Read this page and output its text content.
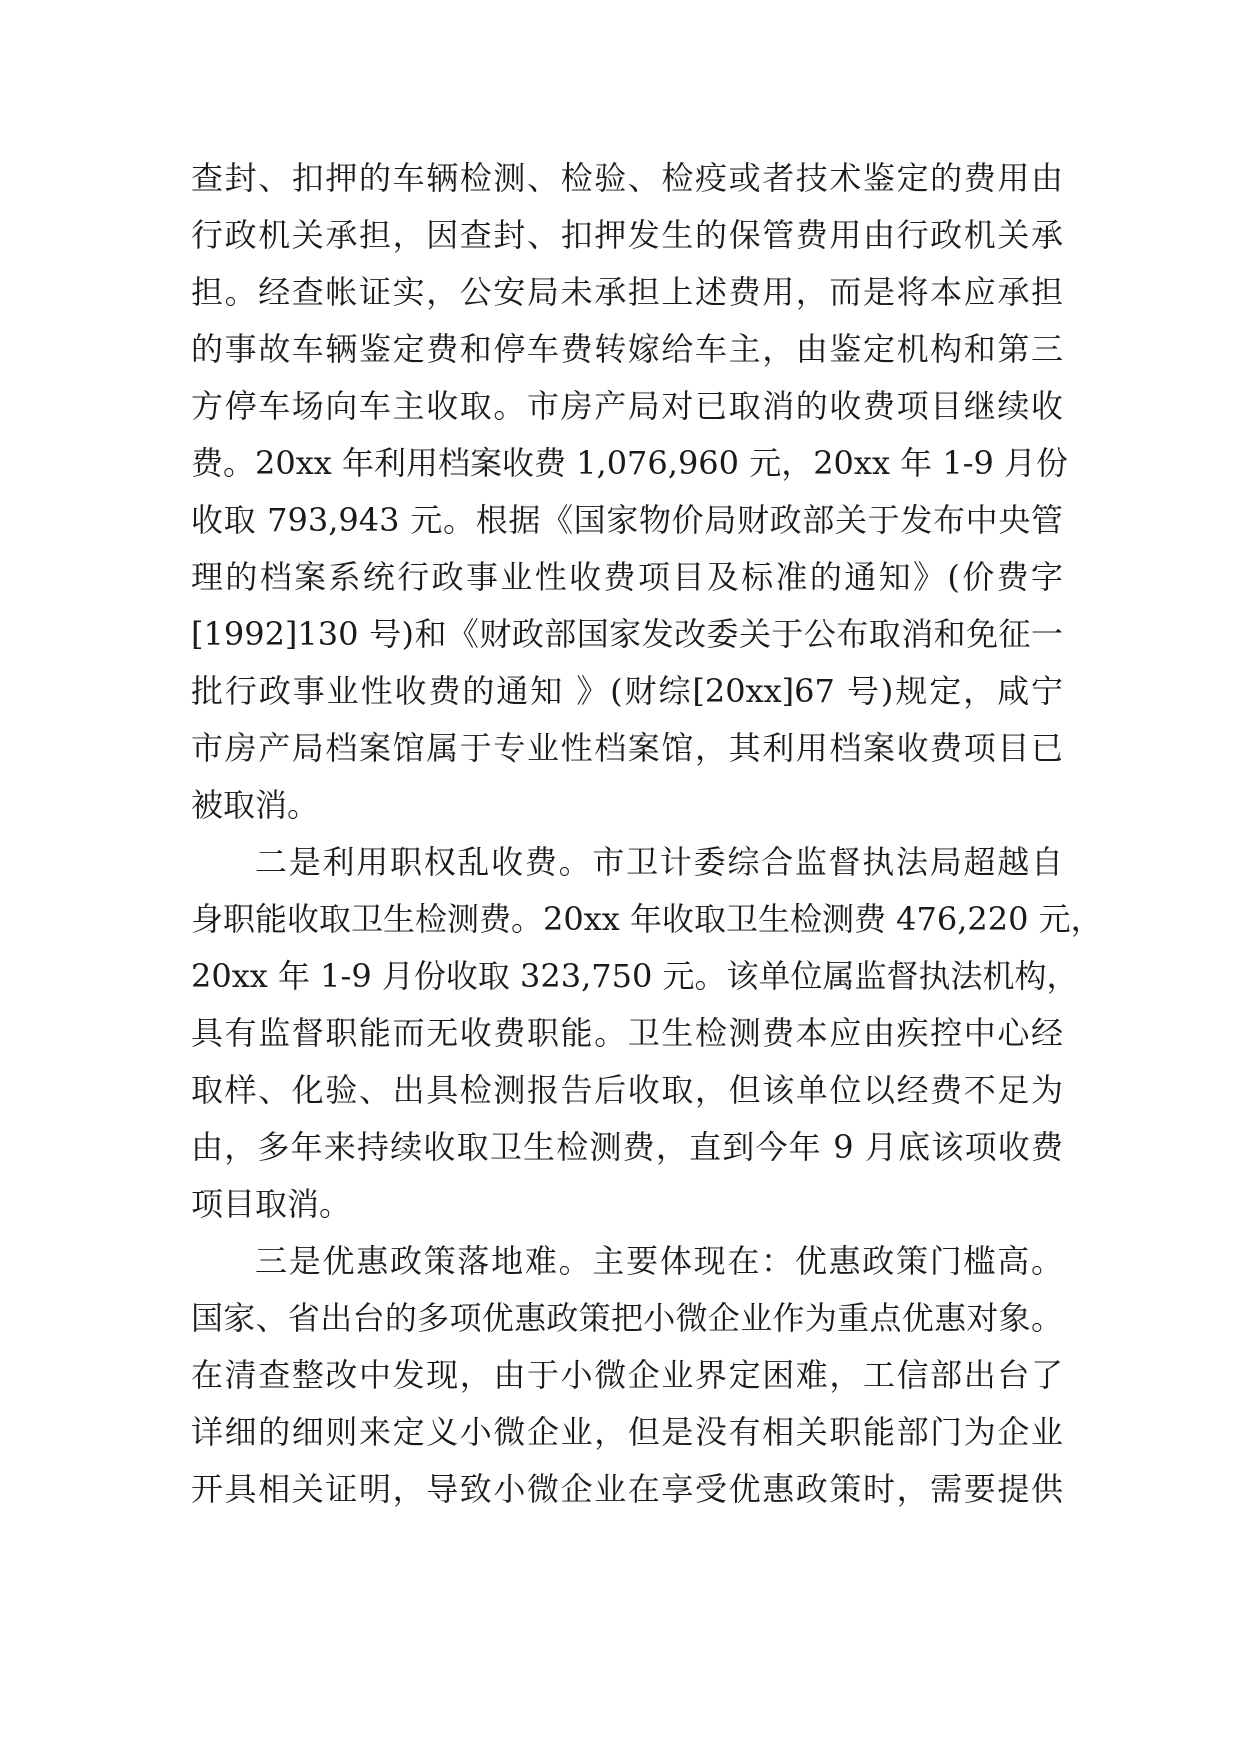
查封、扣押的车辆检测、检验、检疫或者技术鉴定的费用由
行政机关承担，因查封、扣押发生的保管费用由行政机关承
担。经查帐证实，公安局未承担上述费用，而是将本应承担
的事故车辆鉴定费和停车费转嫁给车主，由鉴定机构和第三
方停车场向车主收取。市房产局对已取消的收费项目继续收
费。20xx 年利用档案收费 1,076,960 元，20xx 年 1-9 月份
收取 793,943 元。根据《国家物价局财政部关于发布中央管
理的档案系统行政事业性收费项目及标准的通知》(价费字
[1992]130 号)和《财政部国家发改委关于公布取消和免征一
批行政事业性收费的通知 》(财综[20xx]67 号)规定，咸宁
市房产局档案馆属于专业性档案馆，其利用档案收费项目已
被取消。
二是利用职权乱收费。市卫计委综合监督执法局超越自
身职能收取卫生检测费。20xx 年收取卫生检测费 476,220 元，
20xx 年 1-9 月份收取 323,750 元。该单位属监督执法机构，
具有监督职能而无收费职能。卫生检测费本应由疾控中心经
取样、化验、出具检测报告后收取，但该单位以经费不足为
由，多年来持续收取卫生检测费，直到今年 9 月底该项收费
项目取消。
三是优惠政策落地难。主要体现在：优惠政策门槛高。
国家、省出台的多项优惠政策把小微企业作为重点优惠对象。
在清查整改中发现，由于小微企业界定困难，工信部出台了
详细的细则来定义小微企业，但是没有相关职能部门为企业
开具相关证明，导致小微企业在享受优惠政策时，需要提供
